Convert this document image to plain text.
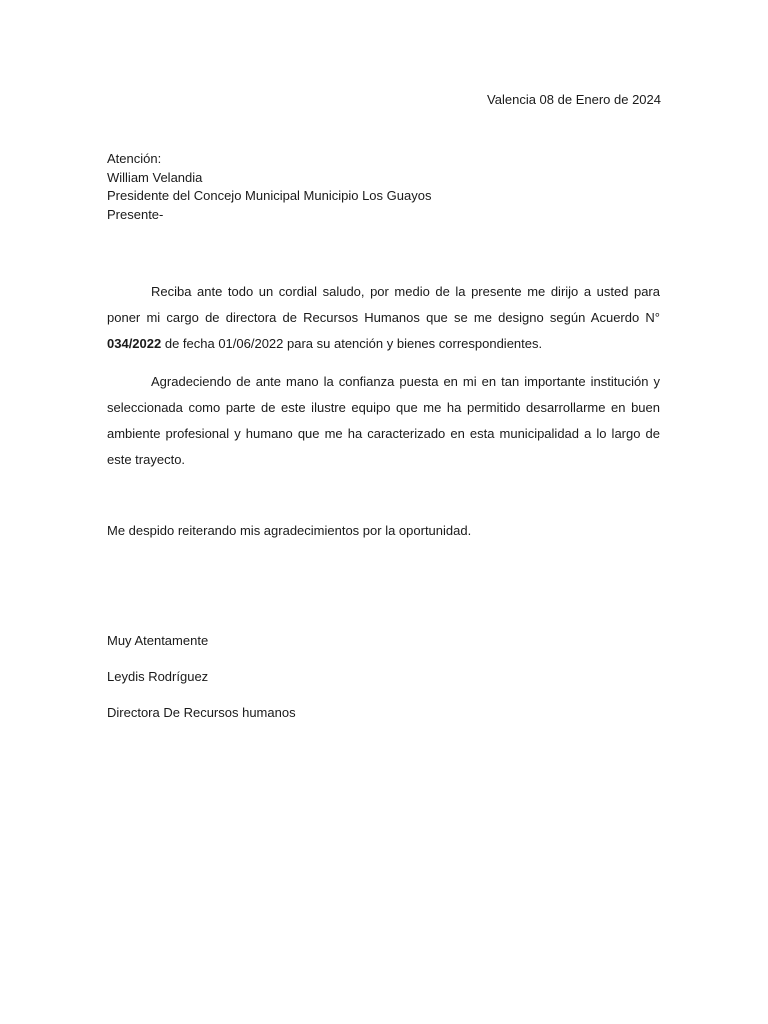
Valencia 08 de Enero de 2024
Atención:
William Velandia
Presidente del Concejo Municipal Municipio Los Guayos
Presente-
Reciba ante todo un cordial saludo, por medio de la presente me dirijo a usted para poner mi cargo de directora de Recursos Humanos que se me designo según Acuerdo N° 034/2022 de fecha 01/06/2022 para su atención y bienes correspondientes.
Agradeciendo de ante mano la confianza puesta en mi en tan importante institución y seleccionada como parte de este ilustre equipo que me ha permitido desarrollarme en buen ambiente profesional y humano que me ha caracterizado en esta municipalidad a lo largo de este trayecto.
Me despido reiterando mis agradecimientos por la oportunidad.
Muy Atentamente
Leydis Rodríguez
Directora De Recursos humanos
